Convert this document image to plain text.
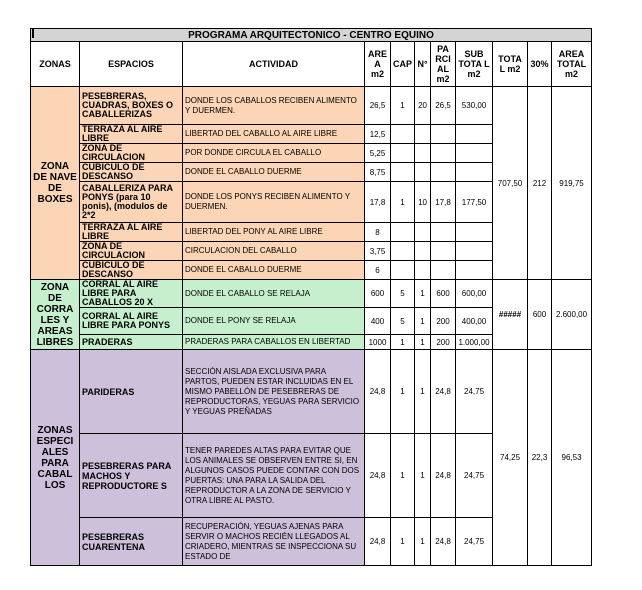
PROGRAMA ARQUITECTONICO - CENTRO EQUINO										
ZONAS	ESPACIOS	ACTIVIDAD	ARE A m2	CAP	N°	PA RCI AL m2	SUB TOTA L m2	TOTA L m2	30%	AREA TOTAL m2
ZONA DE NAVE DE BOXES	PESEBRERAS, CUADRAS, BOXES O CABALLERIZAS	DONDE LOS CABALLOS RECIBEN ALIMENTO Y DUERMEN.	26,5	1	20	26,5	530,00	707,50	212	919,75
	TERRAZA AL AIRE LIBRE	LIBERTAD DEL CABALLO AL AIRE LIBRE	12,5							
	ZONA DE CIRCULACION	POR DONDE CIRCULA EL CABALLO	5,25							
	CUBICULO DE DESCANSO	DONDE EL CABALLO DUERME	8,75							
	CABALLERIZA PARA PONYS (para 10 ponis), (modulos de 2*2	DONDE LOS PONYS RECIBEN ALIMENTO Y DUERMEN.	17,8	1	10	17,8	177,50			
	TERRAZA AL AIRE LIBRE	LIBERTAD DEL PONY AL AIRE LIBRE	8							
	ZONA DE CIRCULACION	CIRCULACION DEL CABALLO	3,75							
	CUBICULO DE DESCANSO	DONDE EL CABALLO DUERME	6							
ZONA DE CORRA LES Y AREAS LIBRES	CORRAL AL AIRE LIBRE PARA CABALLOS 20 X	DONDE EL CABALLO SE RELAJA	600	5	1	600	600,00	#####	600	2.600,00
	CORRAL AL AIRE LIBRE PARA PONYS	DONDE EL PONY SE RELAJA	400	5	1	200	400,00			
	PRADERAS	PRADERAS PARA CABALLOS EN LIBERTAD	1000	1	1	200	1.000,00			
ZONAS ESPECI ALES PARA CABAL LOS	PARIDERAS	SECCIÓN AISLADA EXCLUSIVA PARA PARTOS, PUEDEN ESTAR INCLUIDAS EN EL MISMO PABELLÓN DE PESEBRERAS DE REPRODUCTORAS, YEGUAS PARA SERVICIO Y YEGUAS PREÑADAS	24,8	1	1	24,8	24,75	74,25	22,3	96,53
	PESEBRERAS PARA MACHOS Y REPRODUCTORE S	TENER PAREDES ALTAS PARA EVITAR QUE LOS ANIMALES SE OBSERVEN ENTRE SI, EN ALGUNOS CASOS PUEDE CONTAR CON DOS PUERTAS: UNA PARA LA SALIDA DEL REPRODUCTOR A LA ZONA DE SERVICIO Y OTRA LIBRE AL PASTO.	24,8	1	1	24,8	24,75			
	PESEBRERAS CUARENTENA	RECUPERACIÓN, YEGUAS AJENAS PARA SERVIR O MACHOS RECIÉN LLEGADOS AL CRIADERO, MIENTRAS SE INSPECCIONA SU ESTADO DE	24,8	1	1	24,8	24,75			
